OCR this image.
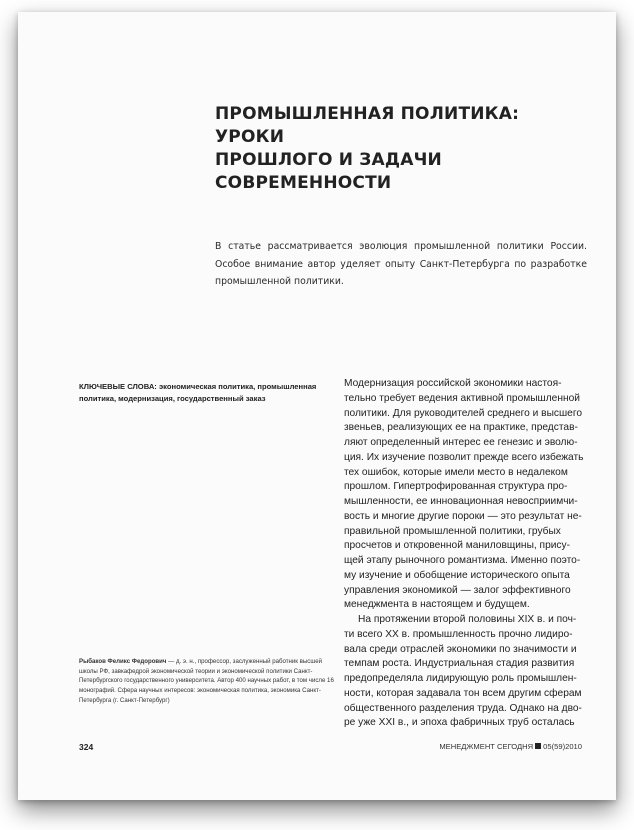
ПРОМЫШЛЕННАЯ ПОЛИТИКА: УРОКИ
ПРОШЛОГО И ЗАДАЧИ СОВРЕМЕННОСТИ
В статье рассматривается эволюция промышленной политики России. Особое внимание автор уделяет опыту Санкт-Петербурга по разработке промышленной политики.
КЛЮЧЕВЫЕ СЛОВА: экономическая политика, промышленная политика, модернизация, государственный заказ
Рыбаков Феликс Федорович — д. э. н., профессор, заслуженный работник высшей школы РФ, завкафедрой экономической теории и экономической политики Санкт-Петербургского государственного университета. Автор 400 научных работ, в том числе 16 монографий. Сфера научных интересов: экономическая политика, экономика Санкт-Петербурга (г. Санкт-Петербург)
Модернизация российской экономики настоя-
тельно требует ведения активной промышленной
политики. Для руководителей среднего и высшего
звеньев, реализующих ее на практике, представ-
ляют определенный интерес ее генезис и эволю-
ция. Их изучение позволит прежде всего избежать
тех ошибок, которые имели место в недалеком
прошлом. Гипертрофированная структура про-
мышленности, ее инновационная невосприимчи-
вость и многие другие пороки — это результат не-
правильной промышленной политики, грубых
просчетов и откровенной маниловщины, прису-
щей этапу рыночного романтизма. Именно поэто-
му изучение и обобщение исторического опыта
управления экономикой — залог эффективного
менеджмента в настоящем и будущем.
На протяжении второй половины XIX в. и поч-
ти всего XX в. промышленность прочно лидиро-
вала среди отраслей экономики по значимости и
темпам роста. Индустриальная стадия развития
предопределяла лидирующую роль промышлен-
ности, которая задавала тон всем другим сферам
общественного разделения труда. Однако на дво-
ре уже XXI в., и эпоха фабричных труб осталась
324	МЕНЕДЖМЕНТ СЕГОДНЯ 05(59)2010
